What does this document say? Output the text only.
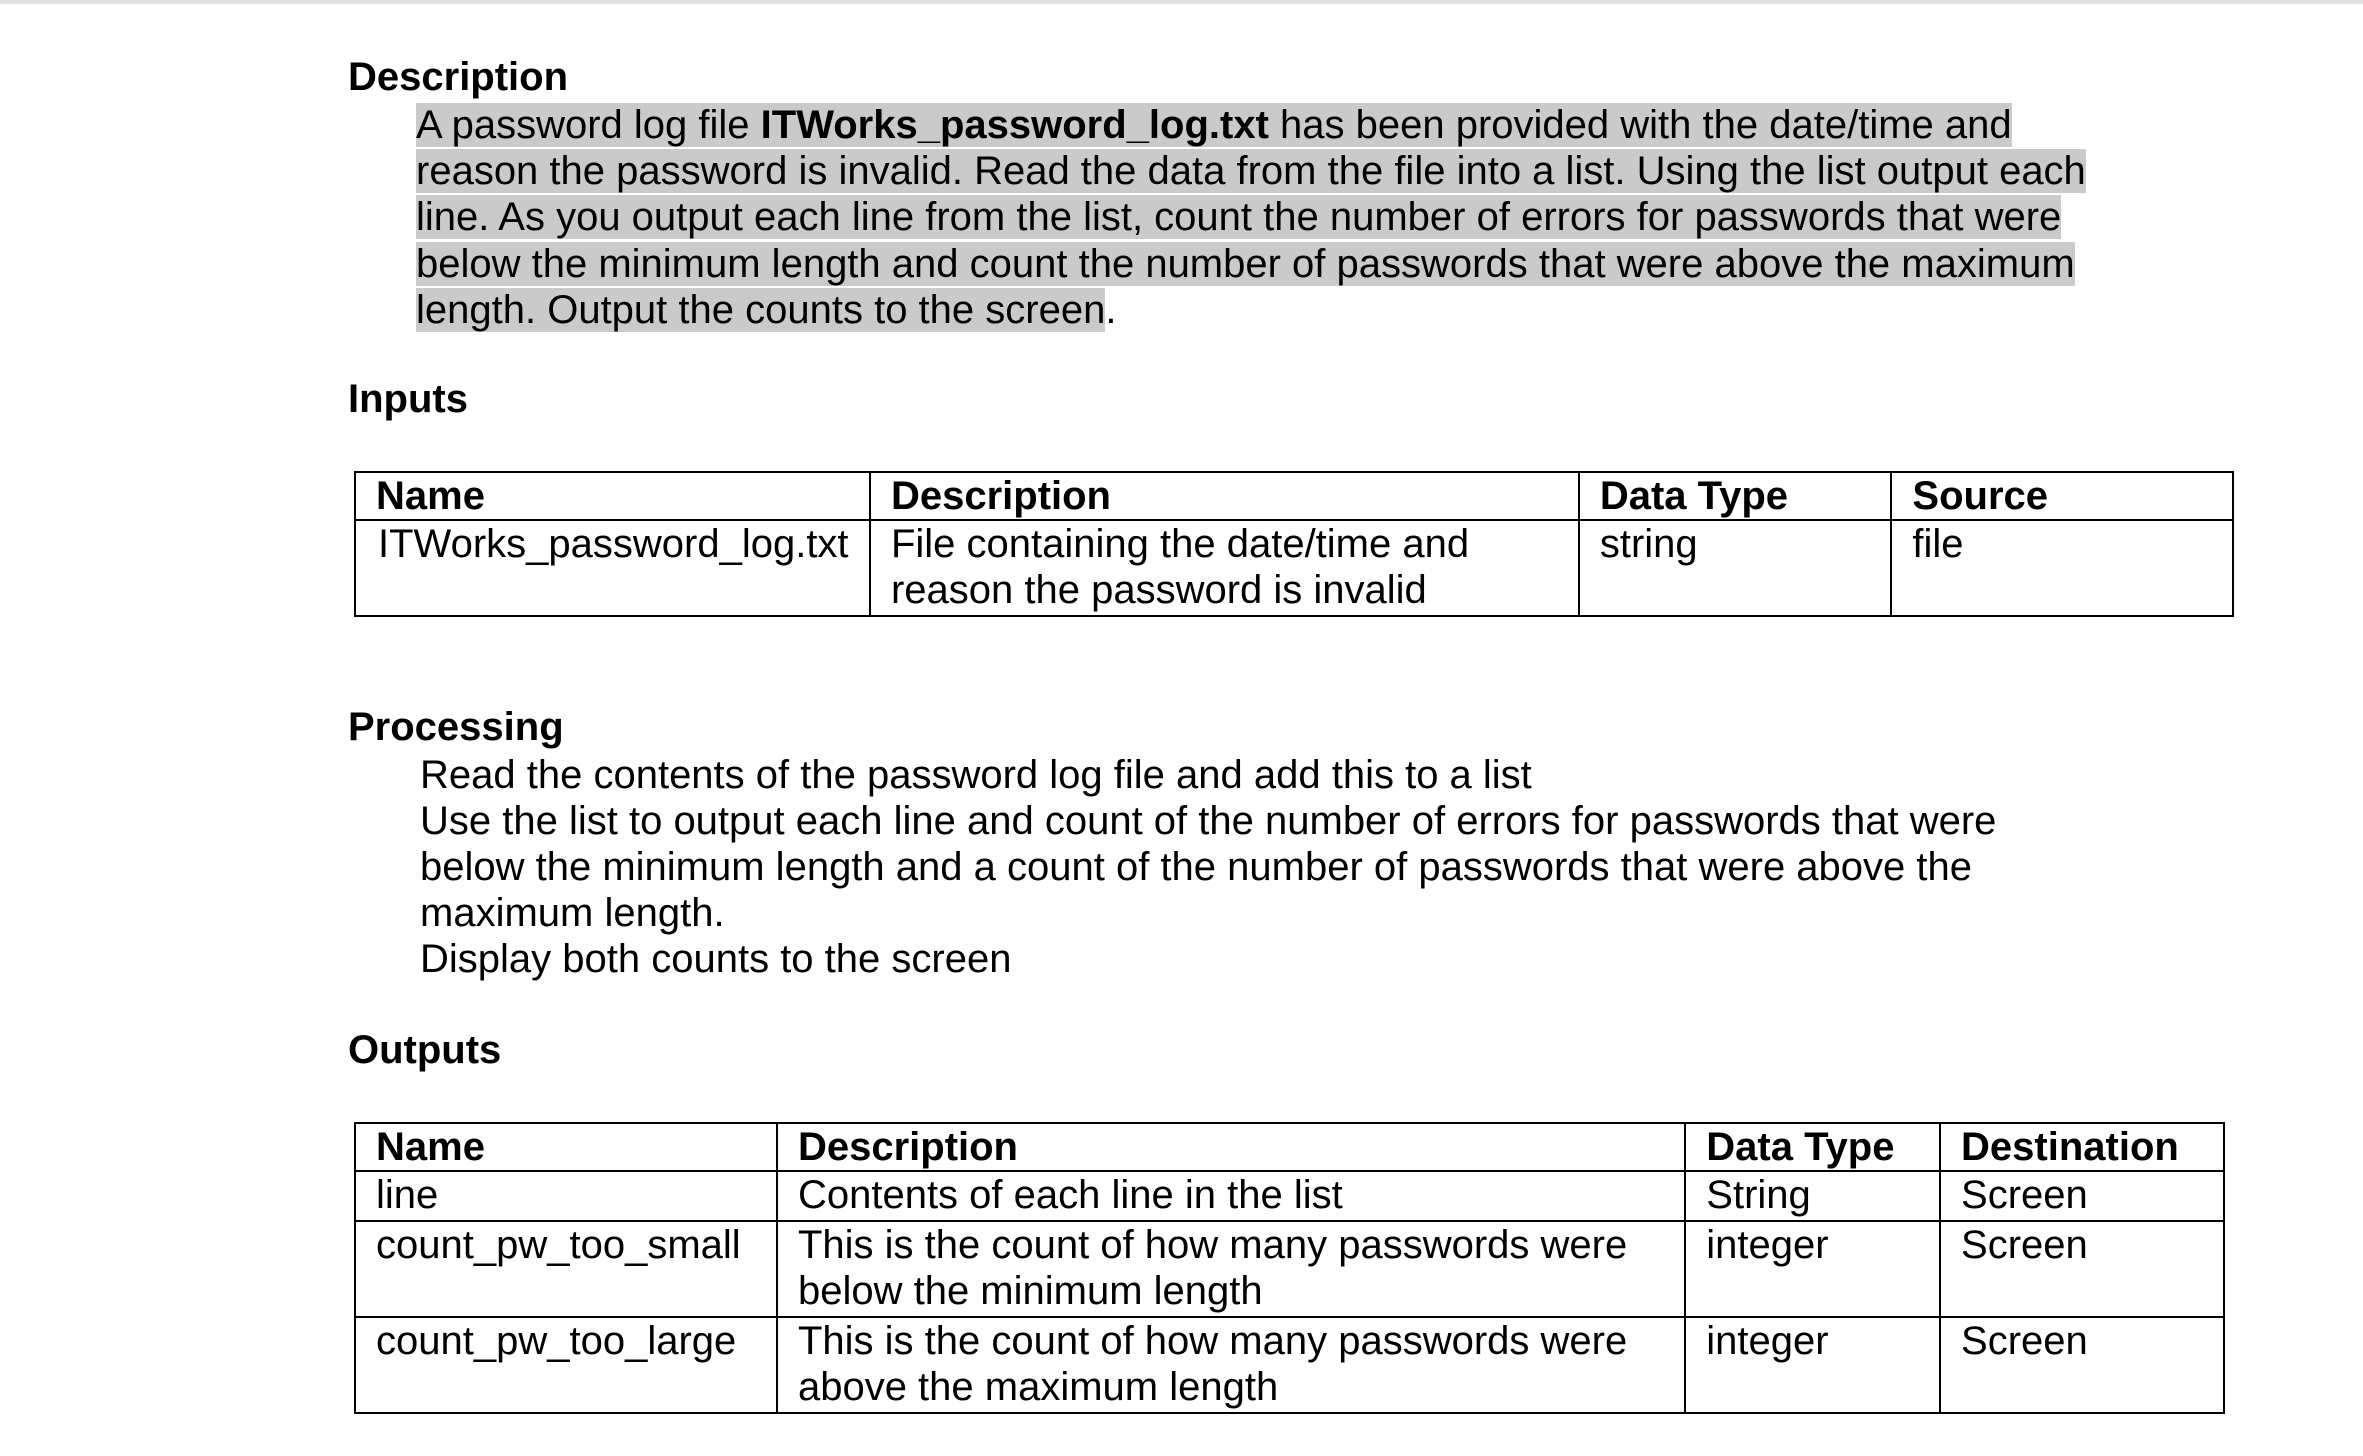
Description
A password log file ITWorks_password_log.txt has been provided with the date/time and reason the password is invalid. Read the data from the file into a list. Using the list output each line. As you output each line from the list, count the number of errors for passwords that were below the minimum length and count the number of passwords that were above the maximum length. Output the counts to the screen.
Inputs
Name	Description	Data Type	Source
ITWorks_password_log.txt	File containing the date/time and reason the password is invalid	string	file
Processing

Read the contents of the password log file and add this to a list

Use the list to output each line and count of the number of errors for passwords that were below the minimum length and a count of the number of passwords that were above the maximum length.

Display both counts to the screen

Outputs
Name	Description	Data Type	Destination
line	Contents of each line in the list	String	Screen
count_pw_too_small	This is the count of how many passwords were below the minimum length	integer	Screen
count_pw_too_large	This is the count of how many passwords were above the maximum length	integer	Screen
